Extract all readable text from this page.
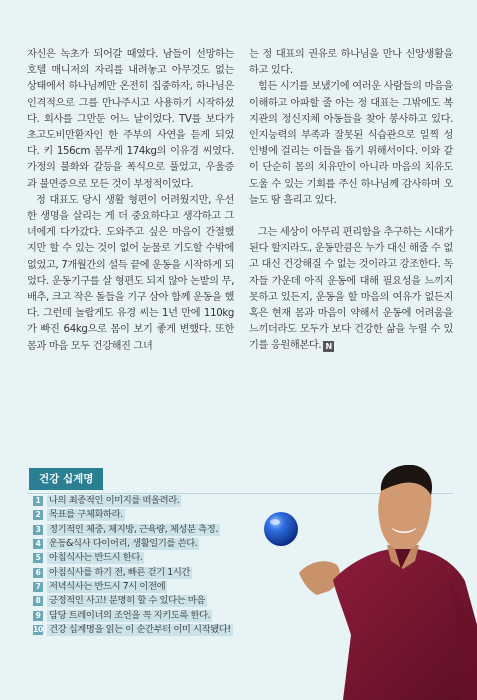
자신은 녹초가 되어갈 때였다. 남들이 선망하는 호텔 매니저의 자리를 내려놓고 아무것도 없는 상태에서 하나님께만 온전히 집중하자, 하나님은 인격적으로 그를 만나주시고 사용하기 시작하셨다. 회사를 그만둔 어느 날이었다. TV를 보다가 초고도비만환자인 한 주부의 사연을 듣게 되었다. 키 156cm 몸무게 174kg의 이유경 씨였다. 가정의 불화와 갈등을 폭식으로 풀었고, 우울증과 불면증으로 모든 것이 부정적이었다.

정 대표도 당시 생활 형편이 어려웠지만, 우선 한 생명을 살리는 게 더 중요하다고 생각하고 그녀에게 다가갔다. 도와주고 싶은 마음이 간절했지만 할 수 있는 것이 없어 눈물로 기도할 수밖에 없었고, 7개월간의 설득 끝에 운동을 시작하게 되었다. 운동기구를 살 형편도 되지 않아 논밭의 무, 배추, 크고 작은 돌들을 기구 삼아 함께 운동을 했다. 그런데 놀랍게도 유경 씨는 1년 만에 110kg가 빠진 64kg으로 몸이 보기 좋게 변했다. 또한 몸과 마음 모두 건강해진 그녀

는 정 대표의 권유로 하나님을 만나 신앙생활을 하고 있다.

힘든 시기를 보냈기에 여러운 사람들의 마음을 이해하고 아파할 줄 아는 정 대표는 그밖에도 복지관의 정신지체 아동들을 찾아 봉사하고 있다. 인지능력의 부족과 잘못된 식습관으로 일찍 성인병에 걸리는 이들을 돕기 위해서이다. 이와 같이 단순히 몸의 치유만이 아니라 마음의 치유도 도울 수 있는 기회를 주신 하나님께 감사하며 오늘도 땀 흘리고 있다.

그는 세상이 아무리 편리함을 추구하는 시대가 된다 할지라도, 운동만큼은 누가 대신 해줄 수 없고 대신 건강해질 수 없는 것이라고 강조한다. 독자들 가운데 아직 운동에 대해 필요성을 느끼지 못하고 있든지, 운동을 할 마음의 여유가 없든지 혹은 현재 몸과 마음이 약해서 운동에 어려움을 느끼더라도 모두가 보다 건강한 삶을 누릴 수 있기를 응원해본다. N

건강 십계명
1 나의 최종적인 이미지를 떠올려라.
2 목표를 구체화하라.
3 정기적인 체중, 체지방, 근육량, 체성분 측정.
4 운동&식사 다이어리, 생활일기를 쓴다.
5 아침식사는 반드시 한다.
6 아침식사를 하기 전, 빠른 걷기 1시간
7 저녁식사는 반드시 7시 이전에
8 긍정적인 사고! 분명히 할 수 있다는 마음
9 담당 트레이너의 조언을 꼭 지키도록 한다.
10 건강 십계명을 읽는 이 순간부터 이미 시작됐다!
